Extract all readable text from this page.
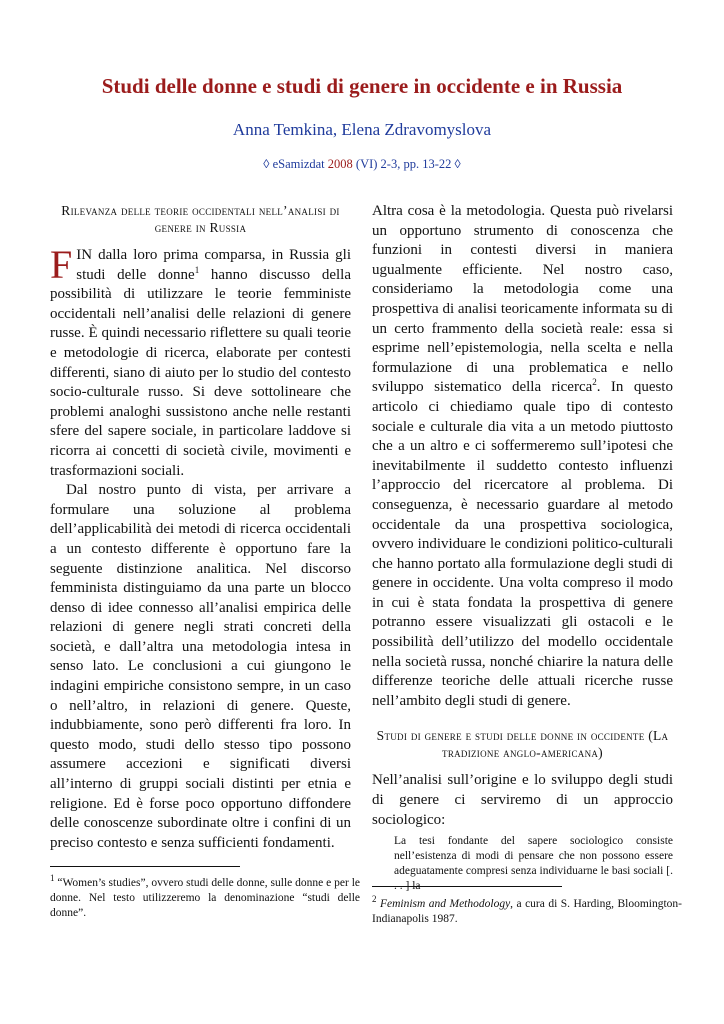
Studi delle donne e studi di genere in occidente e in Russia
Anna Temkina, Elena Zdravomyslova
◊ eSamizdat 2008 (VI) 2-3, pp. 13-22 ◊
Rilevanza delle teorie occidentali nell’analisi di genere in Russia

FIN dalla loro prima comparsa, in Russia gli studi delle donne$^1$ hanno discusso della possibilità di utilizzare le teorie femministe occidentali nell’analisi delle relazioni di genere russe. È quindi necessario riflettere su quali teorie e metodologie di ricerca, elaborate per contesti differenti, siano di aiuto per lo studio del contesto socio-culturale russo. Si deve sottolineare che problemi analoghi sussistono anche nelle restanti sfere del sapere sociale, in particolare laddove si ricorra ai concetti di società civile, movimenti e trasformazioni sociali.

Dal nostro punto di vista, per arrivare a formulare una soluzione al problema dell’applicabilità dei metodi di ricerca occidentali a un contesto differente è opportuno fare la seguente distinzione analitica. Nel discorso femminista distinguiamo da una parte un blocco denso di idee connesso all’analisi empirica delle relazioni di genere negli strati concreti della società, e dall’altra una metodologia intesa in senso lato. Le conclusioni a cui giungono le indagini empiriche consistono sempre, in un caso o nell’altro, in relazioni di genere. Queste, indubbiamente, sono però differenti fra loro. In questo modo, studi dello stesso tipo possono assumere accezioni e significati diversi all’interno di gruppi sociali distinti per etnia e religione. Ed è forse poco opportuno diffondere delle conoscenze subordinate oltre i confini di un preciso contesto e senza sufficienti fondamenti.

$^1$ “Women’s studies”, ovvero studi delle donne, sulle donne e per le donne. Nel testo utilizzeremo la denominazione “studi delle donne”.

Altra cosa è la metodologia. Questa può rivelarsi un opportuno strumento di conoscenza che funzioni in contesti diversi in maniera ugualmente efficiente. Nel nostro caso, consideriamo la metodologia come una prospettiva di analisi teoricamente informata su di un certo frammento della società reale: essa si esprime nell’epistemologia, nella scelta e nella formulazione di una problematica e nello sviluppo sistematico della ricerca$^2$. In questo articolo ci chiediamo quale tipo di contesto sociale e culturale dia vita a un metodo piuttosto che a un altro e ci soffermeremo sull’ipotesi che inevitabilmente il suddetto contesto influenzi l’approccio del ricercatore al problema. Di conseguenza, è necessario guardare al metodo occidentale da una prospettiva sociologica, ovvero individuare le condizioni politico-culturali che hanno portato alla formulazione degli studi di genere in occidente. Una volta compreso il modo in cui è stata fondata la prospettiva di genere potranno essere visualizzati gli ostacoli e le possibilità dell’utilizzo del modello occidentale nella società russa, nonché chiarire la natura delle differenze teoriche delle attuali ricerche russe nell’ambito degli studi di genere.

Studi di genere e studi delle donne in occidente (La tradizione anglo-americana)

Nell’analisi sull’origine e lo sviluppo degli studi di genere ci serviremo di un approccio sociologico:

La tesi fondante del sapere sociologico consiste nell’esistenza di modi di pensare che non possono essere adeguatamente compresi senza individuarne le basi sociali [. . . ] la
$^2$ Feminism and Methodology, a cura di S. Harding, Bloomington-Indianapolis 1987.
